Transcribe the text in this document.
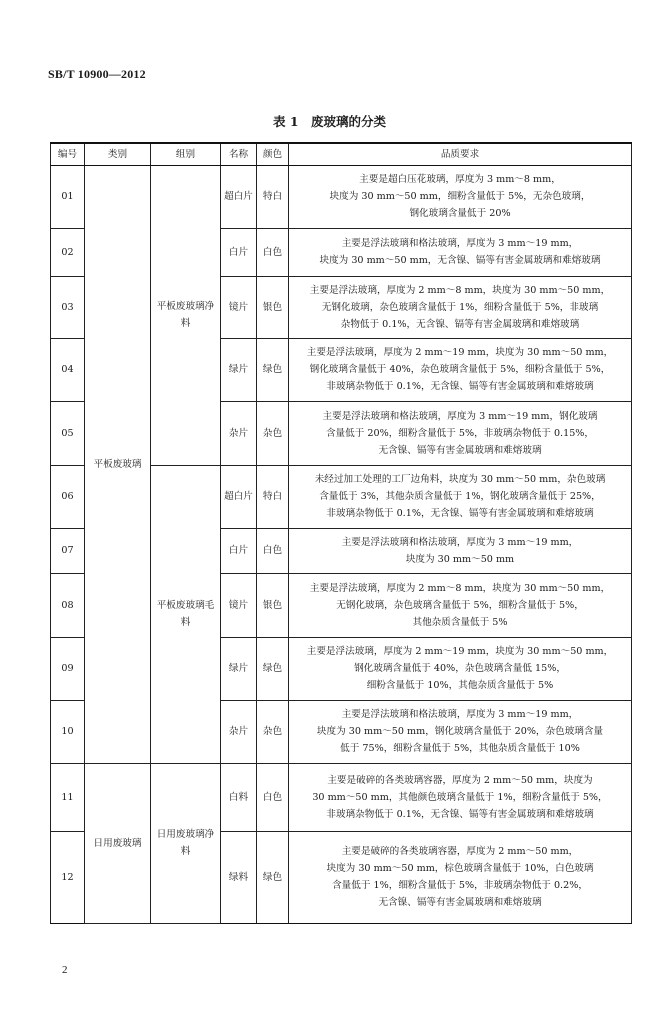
SB/T 10900—2012
表 1　废玻璃的分类
编号	类别	组别	名称	颜色	品质要求
01	平板废玻璃	平板废玻璃净料	超白片	特白	主要是超白压花玻璃，厚度为 3 mm～8 mm，
块度为 30 mm～50 mm，细粉含量低于 5%，无杂色玻璃，
钢化玻璃含量低于 20%

02			白片	白色	主要是浮法玻璃和格法玻璃，厚度为 3 mm～19 mm，
块度为 30 mm～50 mm，无含镍、镉等有害金属玻璃和难熔玻璃

03			镜片	银色	主要是浮法玻璃，厚度为 2 mm～8 mm，块度为 30 mm～50 mm，
无钢化玻璃，杂色玻璃含量低于 1%，细粉含量低于 5%，非玻璃
杂物低于 0.1%，无含镍、镉等有害金属玻璃和难熔玻璃

04			绿片	绿色	主要是浮法玻璃，厚度为 2 mm～19 mm，块度为 30 mm～50 mm，
钢化玻璃含量低于 40%，杂色玻璃含量低于 5%，细粉含量低于 5%，
非玻璃杂物低于 0.1%，无含镍、镉等有害金属玻璃和难熔玻璃

05			杂片	杂色	主要是浮法玻璃和格法玻璃，厚度为 3 mm～19 mm，钢化玻璃
含量低于 20%，细粉含量低于 5%，非玻璃杂物低于 0.15%，
无含镍、镉等有害金属玻璃和难熔玻璃

06		平板废玻璃毛料	超白片	特白	未经过加工处理的工厂边角料，块度为 30 mm～50 mm，杂色玻璃
含量低于 3%，其他杂质含量低于 1%，钢化玻璃含量低于 25%，
非玻璃杂物低于 0.1%，无含镍、镉等有害金属玻璃和难熔玻璃

07			白片	白色	主要是浮法玻璃和格法玻璃，厚度为 3 mm～19 mm，
块度为 30 mm～50 mm

08			镜片	银色	主要是浮法玻璃，厚度为 2 mm～8 mm，块度为 30 mm～50 mm，
无钢化玻璃，杂色玻璃含量低于 5%，细粉含量低于 5%，
其他杂质含量低于 5%

09			绿片	绿色	主要是浮法玻璃，厚度为 2 mm～19 mm，块度为 30 mm～50 mm，
钢化玻璃含量低于 40%，杂色玻璃含量低 15%，
细粉含量低于 10%，其他杂质含量低于 5%

10			杂片	杂色	主要是浮法玻璃和格法玻璃，厚度为 3 mm～19 mm，
块度为 30 mm～50 mm，钢化玻璃含量低于 20%，杂色玻璃含量
低于 75%，细粉含量低于 5%，其他杂质含量低于 10%

11	日用废玻璃	日用废玻璃净料	白料	白色	主要是破碎的各类玻璃容器，厚度为 2 mm～50 mm，块度为
30 mm～50 mm，其他颜色玻璃含量低于 1%，细粉含量低于 5%，
非玻璃杂物低于 0.1%，无含镍、镉等有害金属玻璃和难熔玻璃

12			绿料	绿色	主要是破碎的各类玻璃容器，厚度为 2 mm～50 mm，
块度为 30 mm～50 mm，棕色玻璃含量低于 10%，白色玻璃
含量低于 1%，细粉含量低于 5%，非玻璃杂物低于 0.2%，
无含镍、镉等有害金属玻璃和难熔玻璃
2
